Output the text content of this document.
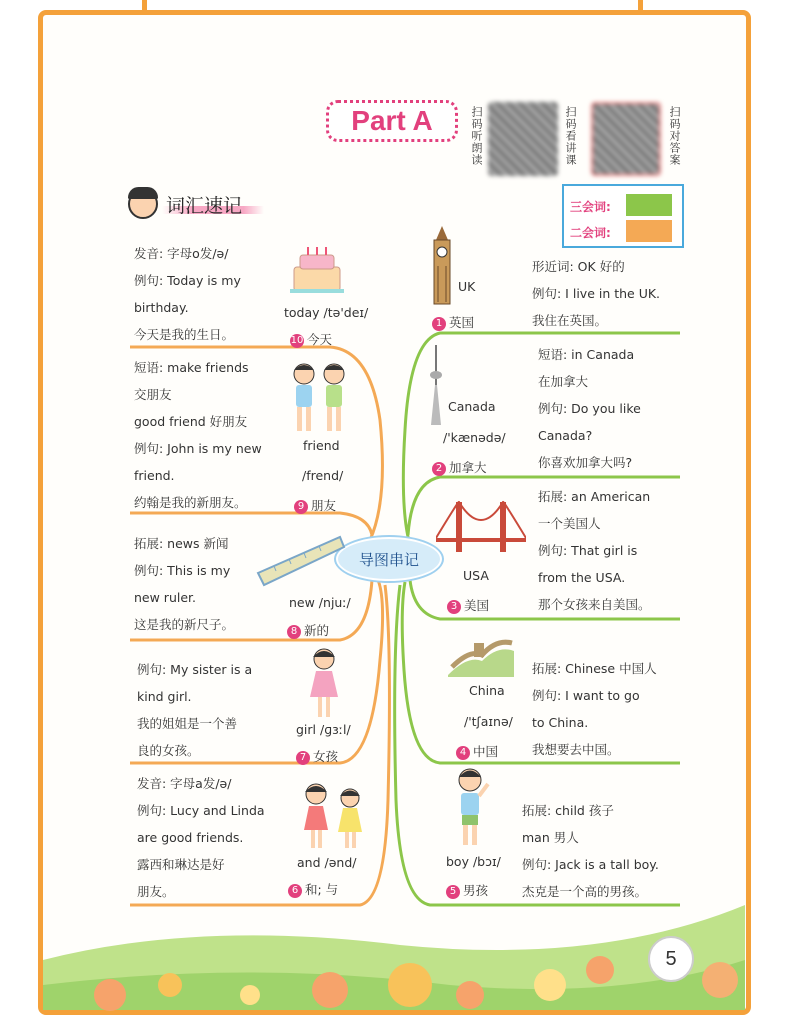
Part A	扫码听朗读	扫码看讲课	扫码对答案
词汇速记	三会词:
二会词:
导图串记
发音: 字母o发/ə/
例句: Today is my
birthday.
今天是我的生日。
today /tə'deɪ/
10 今天
短语: make friends
交朋友
good friend 好朋友
例句: John is my new
friend.
约翰是我的新朋友。
friend
/frend/
9 朋友
拓展: news 新闻
例句: This is my
new ruler.
这是我的新尺子。
new /njuː/
8 新的
例句: My sister is a
kind girl.
我的姐姐是一个善
良的女孩。
girl /ɡɜːl/
7 女孩
发音: 字母a发/ə/
例句: Lucy and Linda
are good friends.
露西和琳达是好
朋友。
and /ənd/
6 和; 与
UK
1 英国
形近词: OK 好的
例句: I live in the UK.
我住在英国。
Canada
/'kænədə/
2 加拿大
短语: in Canada
在加拿大
例句: Do you like
Canada?
你喜欢加拿大吗?
USA
3 美国
拓展: an American
一个美国人
例句: That girl is
from the USA.
那个女孩来自美国。
China
/'tʃaɪnə/
4 中国
拓展: Chinese 中国人
例句: I want to go
to China.
我想要去中国。
boy /bɔɪ/
5 男孩
拓展: child 孩子
man 男人
例句: Jack is a tall boy.
杰克是一个高的男孩。
5
